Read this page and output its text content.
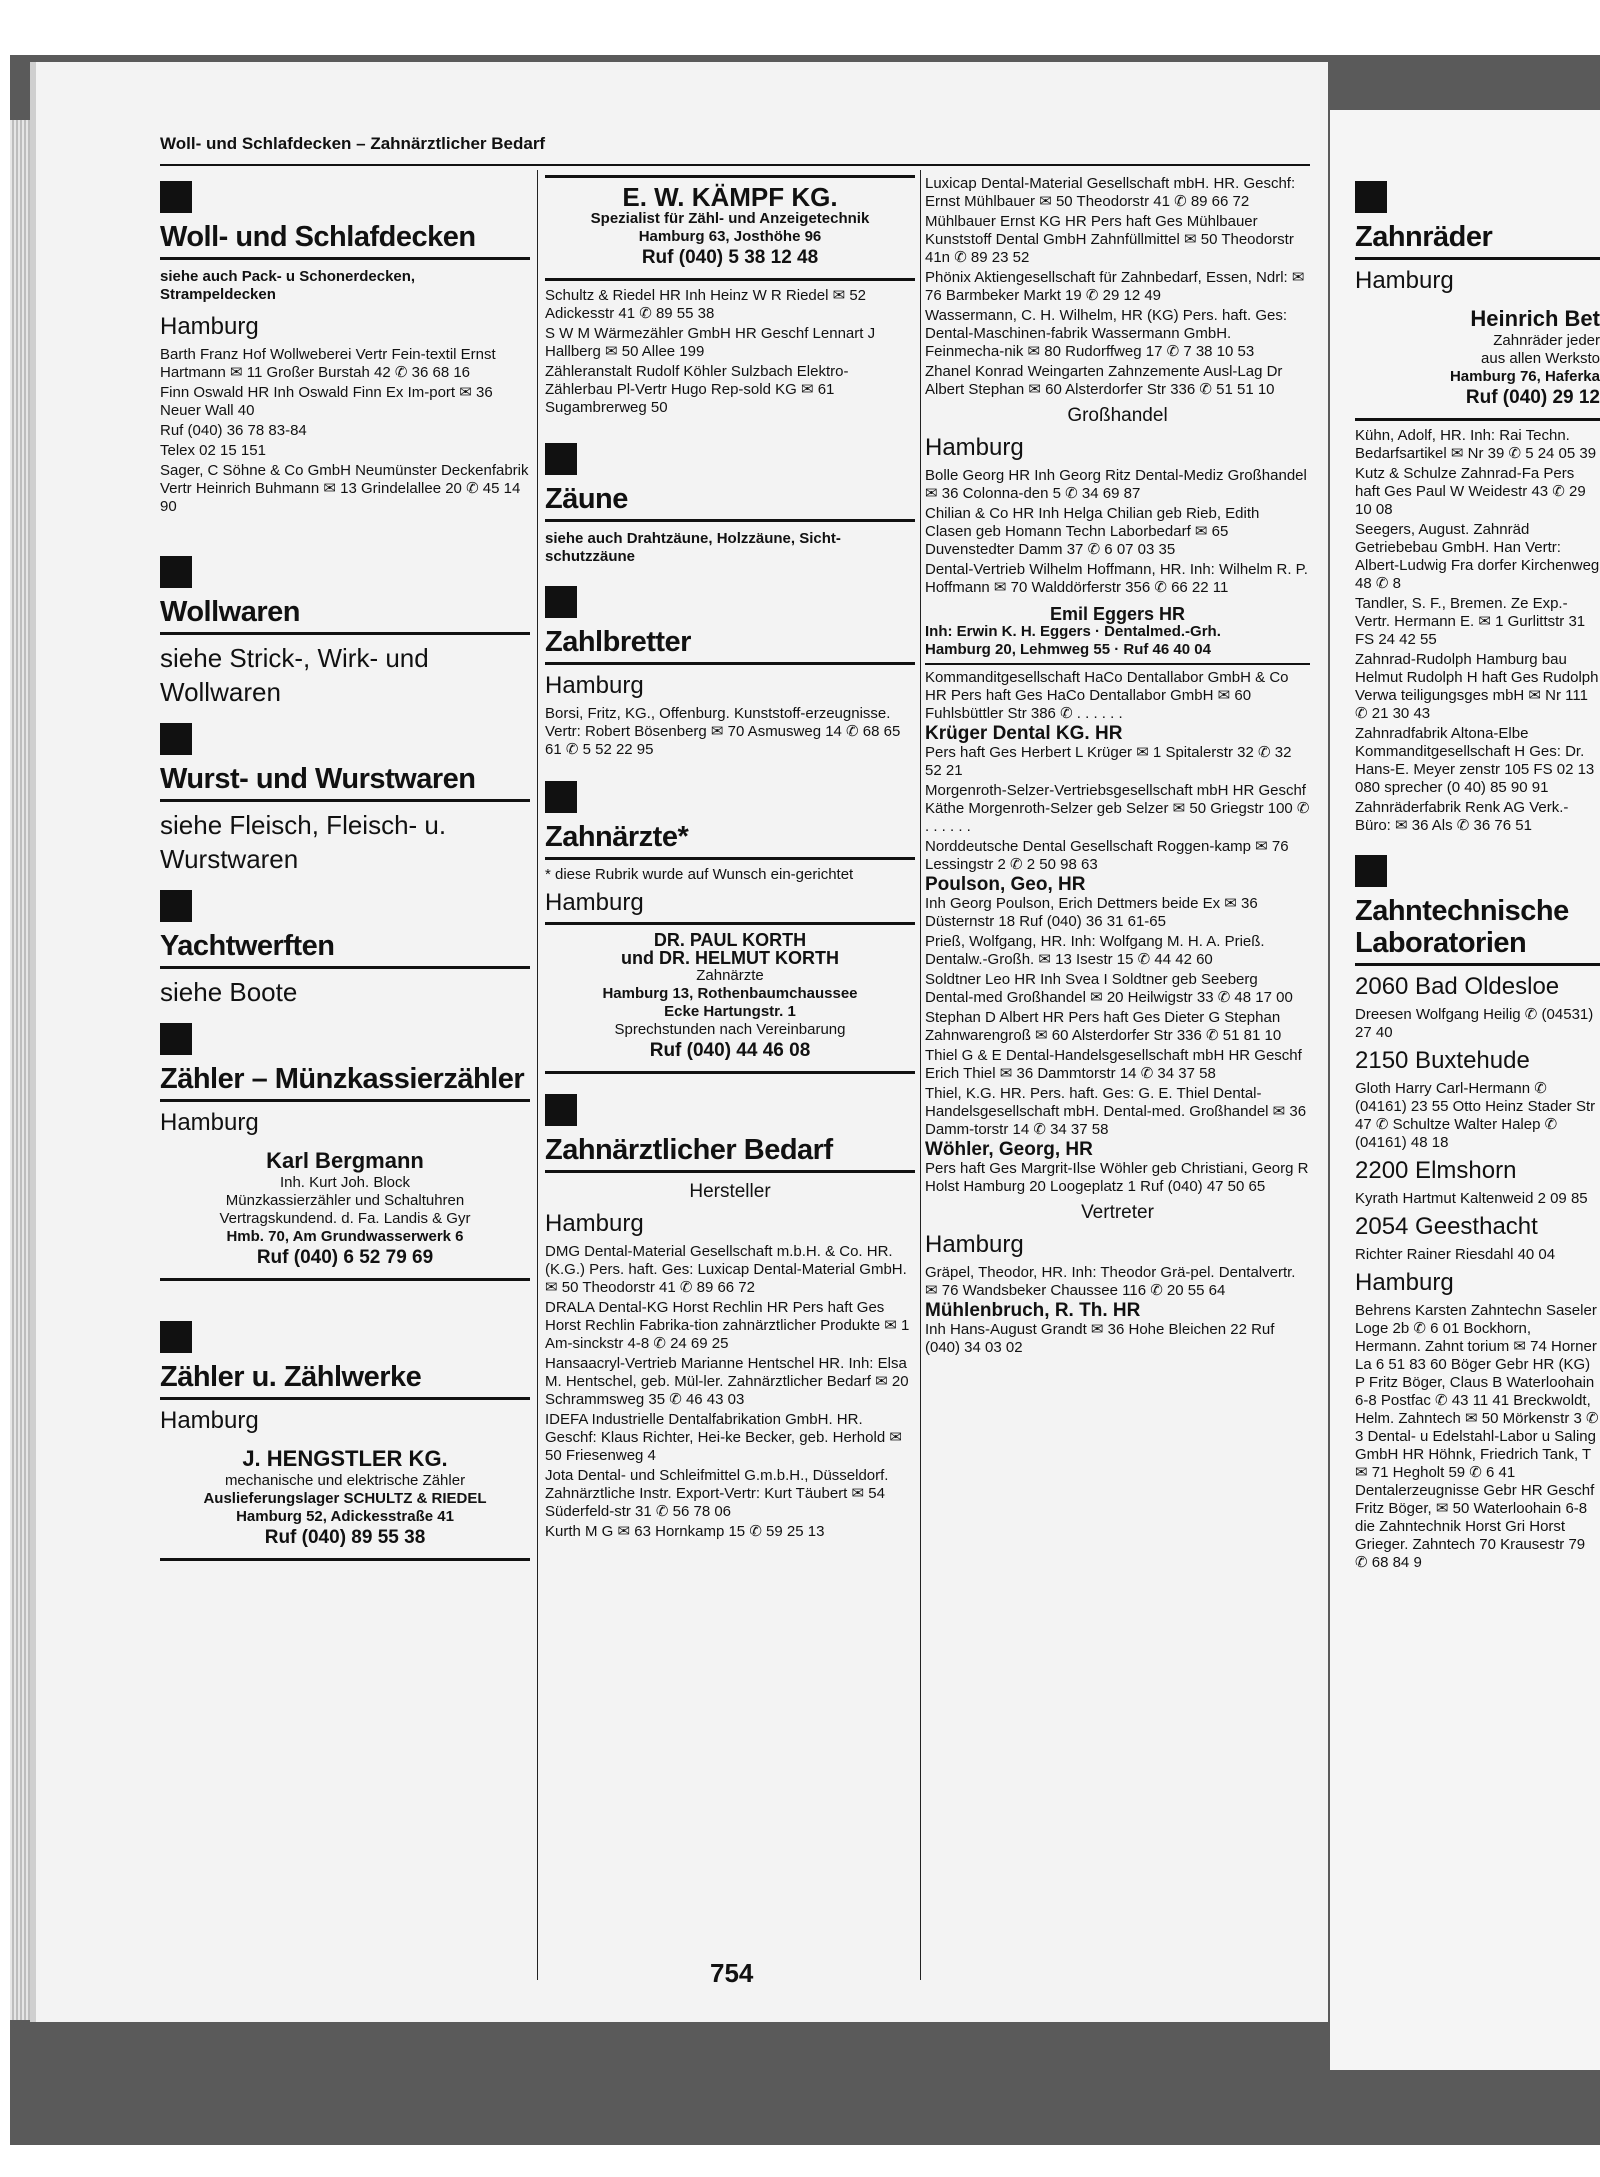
Woll- und Schlafdecken – Zahnärztlicher Bedarf
Woll- und Schlafdecken
siehe auch Pack- u Schonerdecken, Strampeldecken
Hamburg
Barth Franz Hof Wollweberei Vertr Fein-textil Ernst Hartmann ✉ 11 Großer Burstah 42 ✆ 36 68 16
Finn Oswald HR Inh Oswald Finn Ex Im-port ✉ 36 Neuer Wall 40
Ruf (040) 36 78 83-84
Telex 02 15 151
Sager, C Söhne & Co GmbH Neumünster Deckenfabrik Vertr Heinrich Buhmann ✉ 13 Grindelallee 20 ✆ 45 14 90
Wollwaren
siehe Strick-, Wirk- und Wollwaren
Wurst- und Wurstwaren
siehe Fleisch, Fleisch- u. Wurstwaren
Yachtwerften
siehe Boote
Zähler – Münzkassierzähler
Hamburg
Karl Bergmann
Inh. Kurt Joh. Block
Münzkassierzähler und Schaltuhren
Vertragskundend. d. Fa. Landis & Gyr
Hmb. 70, Am Grundwasserwerk 6
Ruf (040) 6 52 79 69
Zähler u. Zählwerke
Hamburg
J. HENGSTLER KG.
mechanische und elektrische Zähler
Auslieferungslager SCHULTZ & RIEDEL
Hamburg 52, Adickesstraße 41
Ruf (040) 89 55 38
E. W. KÄMPF KG.
Spezialist für Zähl- und Anzeigetechnik
Hamburg 63, Josthöhe 96
Ruf (040) 5 38 12 48
Schultz & Riedel HR Inh Heinz W R Riedel ✉ 52 Adickesstr 41 ✆ 89 55 38
S W M Wärmezähler GmbH HR Geschf Lennart J Hallberg ✉ 50 Allee 199
Zähleranstalt Rudolf Köhler Sulzbach Elektro-Zählerbau Pl-Vertr Hugo Rep-sold KG ✉ 61 Sugambrerweg 50
Zäune
siehe auch Drahtzäune, Holzzäune, Sicht-schutzzäune
Zahlbretter
Hamburg
Borsi, Fritz, KG., Offenburg. Kunststoff-erzeugnisse. Vertr: Robert Bösenberg ✉ 70 Asmusweg 14 ✆ 68 65 61 ✆ 5 52 22 95
Zahnärzte*
* diese Rubrik wurde auf Wunsch ein-gerichtet
Hamburg
DR. PAUL KORTH
und DR. HELMUT KORTH
Zahnärzte
Hamburg 13, Rothenbaumchaussee
Ecke Hartungstr. 1
Sprechstunden nach Vereinbarung
Ruf (040) 44 46 08
Zahnärztlicher Bedarf
Hersteller
Hamburg
DMG Dental-Material Gesellschaft m.b.H. & Co. HR. (K.G.) Pers. haft. Ges: Luxicap Dental-Material GmbH. ✉ 50 Theodorstr 41 ✆ 89 66 72
DRALA Dental-KG Horst Rechlin HR Pers haft Ges Horst Rechlin Fabrika-tion zahnärztlicher Produkte ✉ 1 Am-sinckstr 4-8 ✆ 24 69 25
Hansaacryl-Vertrieb Marianne Hentschel HR. Inh: Elsa M. Hentschel, geb. Mül-ler. Zahnärztlicher Bedarf ✉ 20 Schrammsweg 35 ✆ 46 43 03
IDEFA Industrielle Dentalfabrikation GmbH. HR. Geschf: Klaus Richter, Hei-ke Becker, geb. Herhold ✉ 50 Friesenweg 4
Jota Dental- und Schleifmittel G.m.b.H., Düsseldorf. Zahnärztliche Instr. Export-Vertr: Kurt Täubert ✉ 54 Süderfeld-str 31 ✆ 56 78 06
Kurth M G ✉ 63 Hornkamp 15 ✆ 59 25 13
Luxicap Dental-Material Gesellschaft mbH. HR. Geschf: Ernst Mühlbauer ✉ 50 Theodorstr 41 ✆ 89 66 72
Mühlbauer Ernst KG HR Pers haft Ges Mühlbauer Kunststoff Dental GmbH Zahnfüllmittel ✉ 50 Theodorstr 41n ✆ 89 23 52
Phönix Aktiengesellschaft für Zahnbedarf, Essen, Ndrl: ✉ 76 Barmbeker Markt 19 ✆ 29 12 49
Wassermann, C. H. Wilhelm, HR (KG) Pers. haft. Ges: Dental-Maschinen-fabrik Wassermann GmbH. Feinmecha-nik ✉ 80 Rudorffweg 17 ✆ 7 38 10 53
Zhanel Konrad Weingarten Zahnzemente Ausl-Lag Dr Albert Stephan ✉ 60 Alsterdorfer Str 336 ✆ 51 51 10
Großhandel
Hamburg
Bolle Georg HR Inh Georg Ritz Dental-Mediz Großhandel ✉ 36 Colonna-den 5 ✆ 34 69 87
Chilian & Co HR Inh Helga Chilian geb Rieb, Edith Clasen geb Homann Techn Laborbedarf ✉ 65 Duvenstedter Damm 37 ✆ 6 07 03 35
Dental-Vertrieb Wilhelm Hoffmann, HR. Inh: Wilhelm R. P. Hoffmann ✉ 70 Walddörferstr 356 ✆ 66 22 11
Emil Eggers HR
Inh: Erwin K. H. Eggers · Dentalmed.-Grh.
Hamburg 20, Lehmweg 55 · Ruf 46 40 04
Kommanditgesellschaft HaCo Dentallabor GmbH & Co HR Pers haft Ges HaCo Dentallabor GmbH ✉ 60 Fuhlsbüttler Str 386 ✆ . . . . . .
Krüger Dental KG. HR
Pers haft Ges Herbert L Krüger ✉ 1 Spitalerstr 32 ✆ 32 52 21
Morgenroth-Selzer-Vertriebsgesellschaft mbH HR Geschf Käthe Morgenroth-Selzer geb Selzer ✉ 50 Griegstr 100 ✆ . . . . . .
Norddeutsche Dental Gesellschaft Roggen-kamp ✉ 76 Lessingstr 2 ✆ 2 50 98 63
Poulson, Geo, HR
Inh Georg Poulson, Erich Dettmers beide Ex ✉ 36 Düsternstr 18 Ruf (040) 36 31 61-65
Prieß, Wolfgang, HR. Inh: Wolfgang M. H. A. Prieß. Dentalw.-Großh. ✉ 13 Isestr 15 ✆ 44 42 60
Soldtner Leo HR Inh Svea I Soldtner geb Seeberg Dental-med Großhandel ✉ 20 Heilwigstr 33 ✆ 48 17 00
Stephan D Albert HR Pers haft Ges Dieter G Stephan Zahnwarengroß ✉ 60 Alsterdorfer Str 336 ✆ 51 81 10
Thiel G & E Dental-Handelsgesellschaft mbH HR Geschf Erich Thiel ✉ 36 Dammtorstr 14 ✆ 34 37 58
Thiel, K.G. HR. Pers. haft. Ges: G. E. Thiel Dental-Handelsgesellschaft mbH. Dental-med. Großhandel ✉ 36 Damm-torstr 14 ✆ 34 37 58
Wöhler, Georg, HR
Pers haft Ges Margrit-Ilse Wöhler geb Christiani, Georg R Holst Hamburg 20 Loogeplatz 1 Ruf (040) 47 50 65
Vertreter
Hamburg
Gräpel, Theodor, HR. Inh: Theodor Grä-pel. Dentalvertr. ✉ 76 Wandsbeker Chaussee 116 ✆ 20 55 64
Mühlenbruch, R. Th. HR
Inh Hans-August Grandt ✉ 36 Hohe Bleichen 22 Ruf (040) 34 03 02
Zahnräder
Hamburg
Heinrich Bet
Zahnräder jeder
aus allen Werksto
Hamburg 76, Haferka
Ruf (040) 29 12
Kühn, Adolf, HR. Inh: Rai Techn. Bedarfsartikel ✉ Nr 39 ✆ 5 24 05 39
Kutz & Schulze Zahnrad-Fa Pers haft Ges Paul W Weidestr 43 ✆ 29 10 08
Seegers, August. Zahnräd Getriebebau GmbH. Han Vertr: Albert-Ludwig Fra dorfer Kirchenweg 48 ✆ 8
Tandler, S. F., Bremen. Ze Exp.-Vertr. Hermann E. ✉ 1 Gurlittstr 31 FS 24 42 55
Zahnrad-Rudolph Hamburg bau Helmut Rudolph H haft Ges Rudolph Verwa teiligungsges mbH ✉ Nr 111 ✆ 21 30 43
Zahnradfabrik Altona-Elbe Kommanditgesellschaft H Ges: Dr. Hans-E. Meyer zenstr 105 FS 02 13 080 sprecher (0 40) 85 90 91
Zahnräderfabrik Renk AG Verk.-Büro: ✉ 36 Als ✆ 36 76 51
Zahntechnische Laboratorien
2060 Bad Oldesloe
Dreesen Wolfgang Heilig ✆ (04531) 27 40
2150 Buxtehude
Gloth Harry Carl-Hermann ✆ (04161) 23 55 Otto Heinz Stader Str 47 ✆ Schultze Walter Halep ✆ (04161) 48 18
2200 Elmshorn
Kyrath Hartmut Kaltenweid 2 09 85
2054 Geesthacht
Richter Rainer Riesdahl 40 04
Hamburg
Behrens Karsten Zahntechn Saseler Loge 2b ✆ 6 01 Bockhorn, Hermann. Zahnt torium ✉ 74 Horner La 6 51 83 60 Böger Gebr HR (KG) P Fritz Böger, Claus B Waterloohain 6-8 Postfac ✆ 43 11 41 Breckwoldt, Helm. Zahntech ✉ 50 Mörkenstr 3 ✆ 3 Dental- u Edelstahl-Labor u Saling GmbH HR Höhnk, Friedrich Tank, T ✉ 71 Hegholt 59 ✆ 6 41 Dentalerzeugnisse Gebr HR Geschf Fritz Böger, ✉ 50 Waterloohain 6-8 die Zahntechnik Horst Gri Horst Grieger. Zahntech 70 Krausestr 79 ✆ 68 84 9
754
